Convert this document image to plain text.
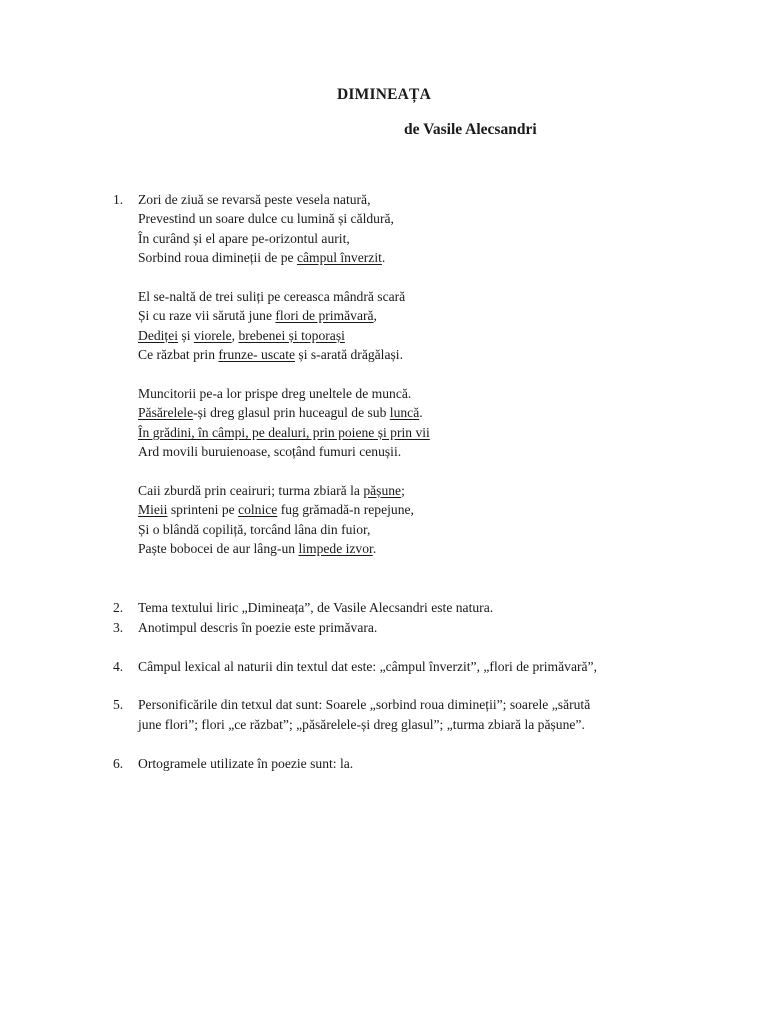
DIMINEAȚA
de Vasile Alecsandri
1. Zori de ziuă se revarsă peste vesela natură,
Prevestind un soare dulce cu lumină și căldură,
În curând și el apare pe-orizontul aurit,
Sorbind roua dimineții de pe câmpul înverzit.
El se-naltă de trei suliți pe cereasca mândră scară
Și cu raze vii sărută june flori de primăvară,
Dediței și viorele, brebenei și toporași
Ce răzbat prin frunze- uscate și s-arată drăgălași.
Muncitorii pe-a lor prispe dreg uneltele de muncă.
Păsărelele-și dreg glasul prin huceagul de sub luncă.
În grădini, în câmpi, pe dealuri, prin poiene și prin vii
Ard movili buruienoase, scoțând fumuri cenușii.
Caii zburdă prin ceairuri; turma zbiară la pășune;
Mieii sprinteni pe colnice fug grămadă-n repejune,
Și o blândă copiliță, torcând lâna din fuior,
Paște bobocei de aur lâng-un limpede izvor.
2. Tema textului liric „Dimineața”, de Vasile Alecsandri este natura.
3. Anotimpul descris în poezie este primăvara.
4. Câmpul lexical al naturii din textul dat este: „câmpul înverzit”, „flori de primăvară”,
5. Personificările din tetxul dat sunt: Soarele „sorbind roua dimineții”; soarele „sărută
june flori”; flori „ce răzbat”; „păsărelele-și dreg glasul”; „turma zbiară la pășune”.
6. Ortogramele utilizate în poezie sunt: la.
